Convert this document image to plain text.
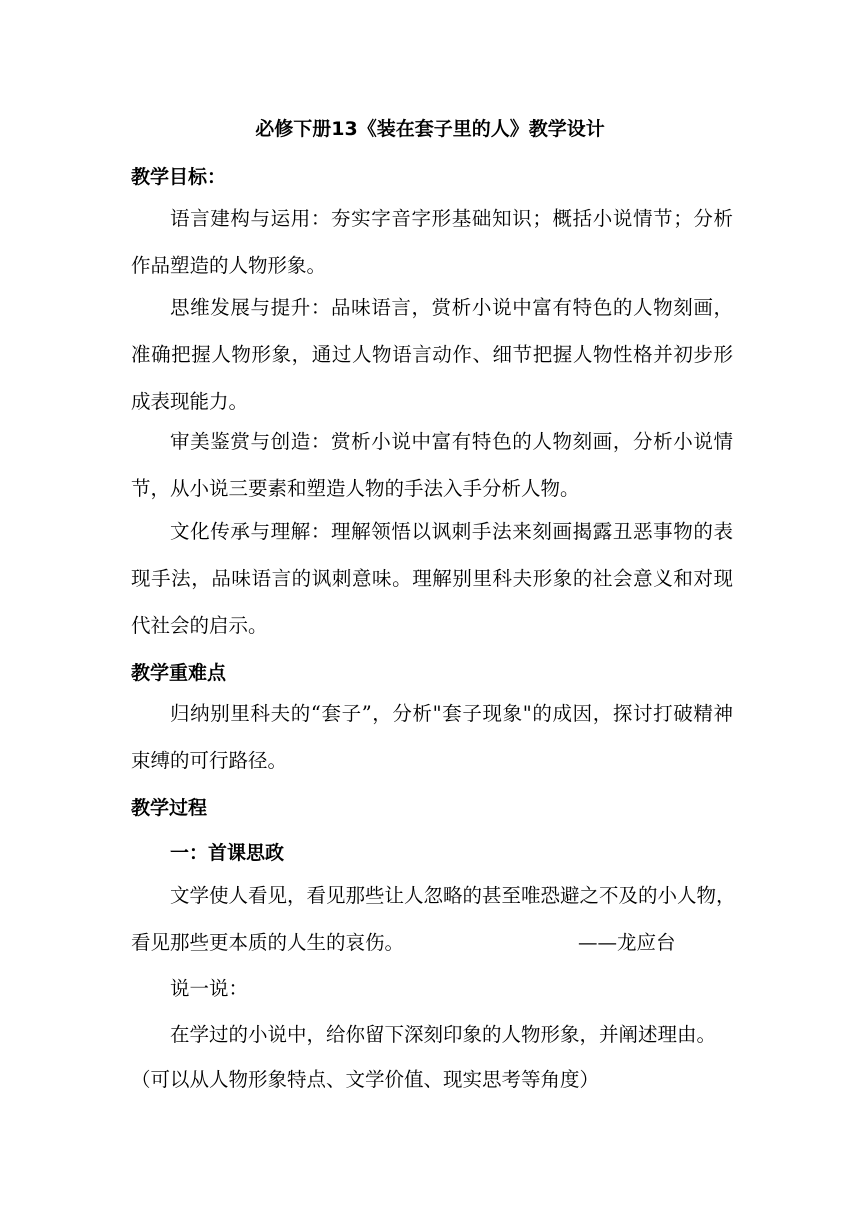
必修下册13《装在套子里的人》教学设计
教学目标：
语言建构与运用：夯实字音字形基础知识；概括小说情节；分析作品塑造的人物形象。
思维发展与提升：品味语言，赏析小说中富有特色的人物刻画，准确把握人物形象，通过人物语言动作、细节把握人物性格并初步形成表现能力。
审美鉴赏与创造：赏析小说中富有特色的人物刻画，分析小说情节，从小说三要素和塑造人物的手法入手分析人物。
文化传承与理解：理解领悟以讽刺手法来刻画揭露丑恶事物的表现手法，品味语言的讽刺意味。理解别里科夫形象的社会意义和对现代社会的启示。
教学重难点
归纳别里科夫的“套子”，分析"套子现象"的成因，探讨打破精神束缚的可行路径。
教学过程
一：首课思政
文学使人看见，看见那些让人忽略的甚至唯恐避之不及的小人物，
看见那些更本质的人生的哀伤。	——龙应台
说一说：
在学过的小说中，给你留下深刻印象的人物形象，并阐述理由。
（可以从人物形象特点、文学价值、现实思考等角度）
